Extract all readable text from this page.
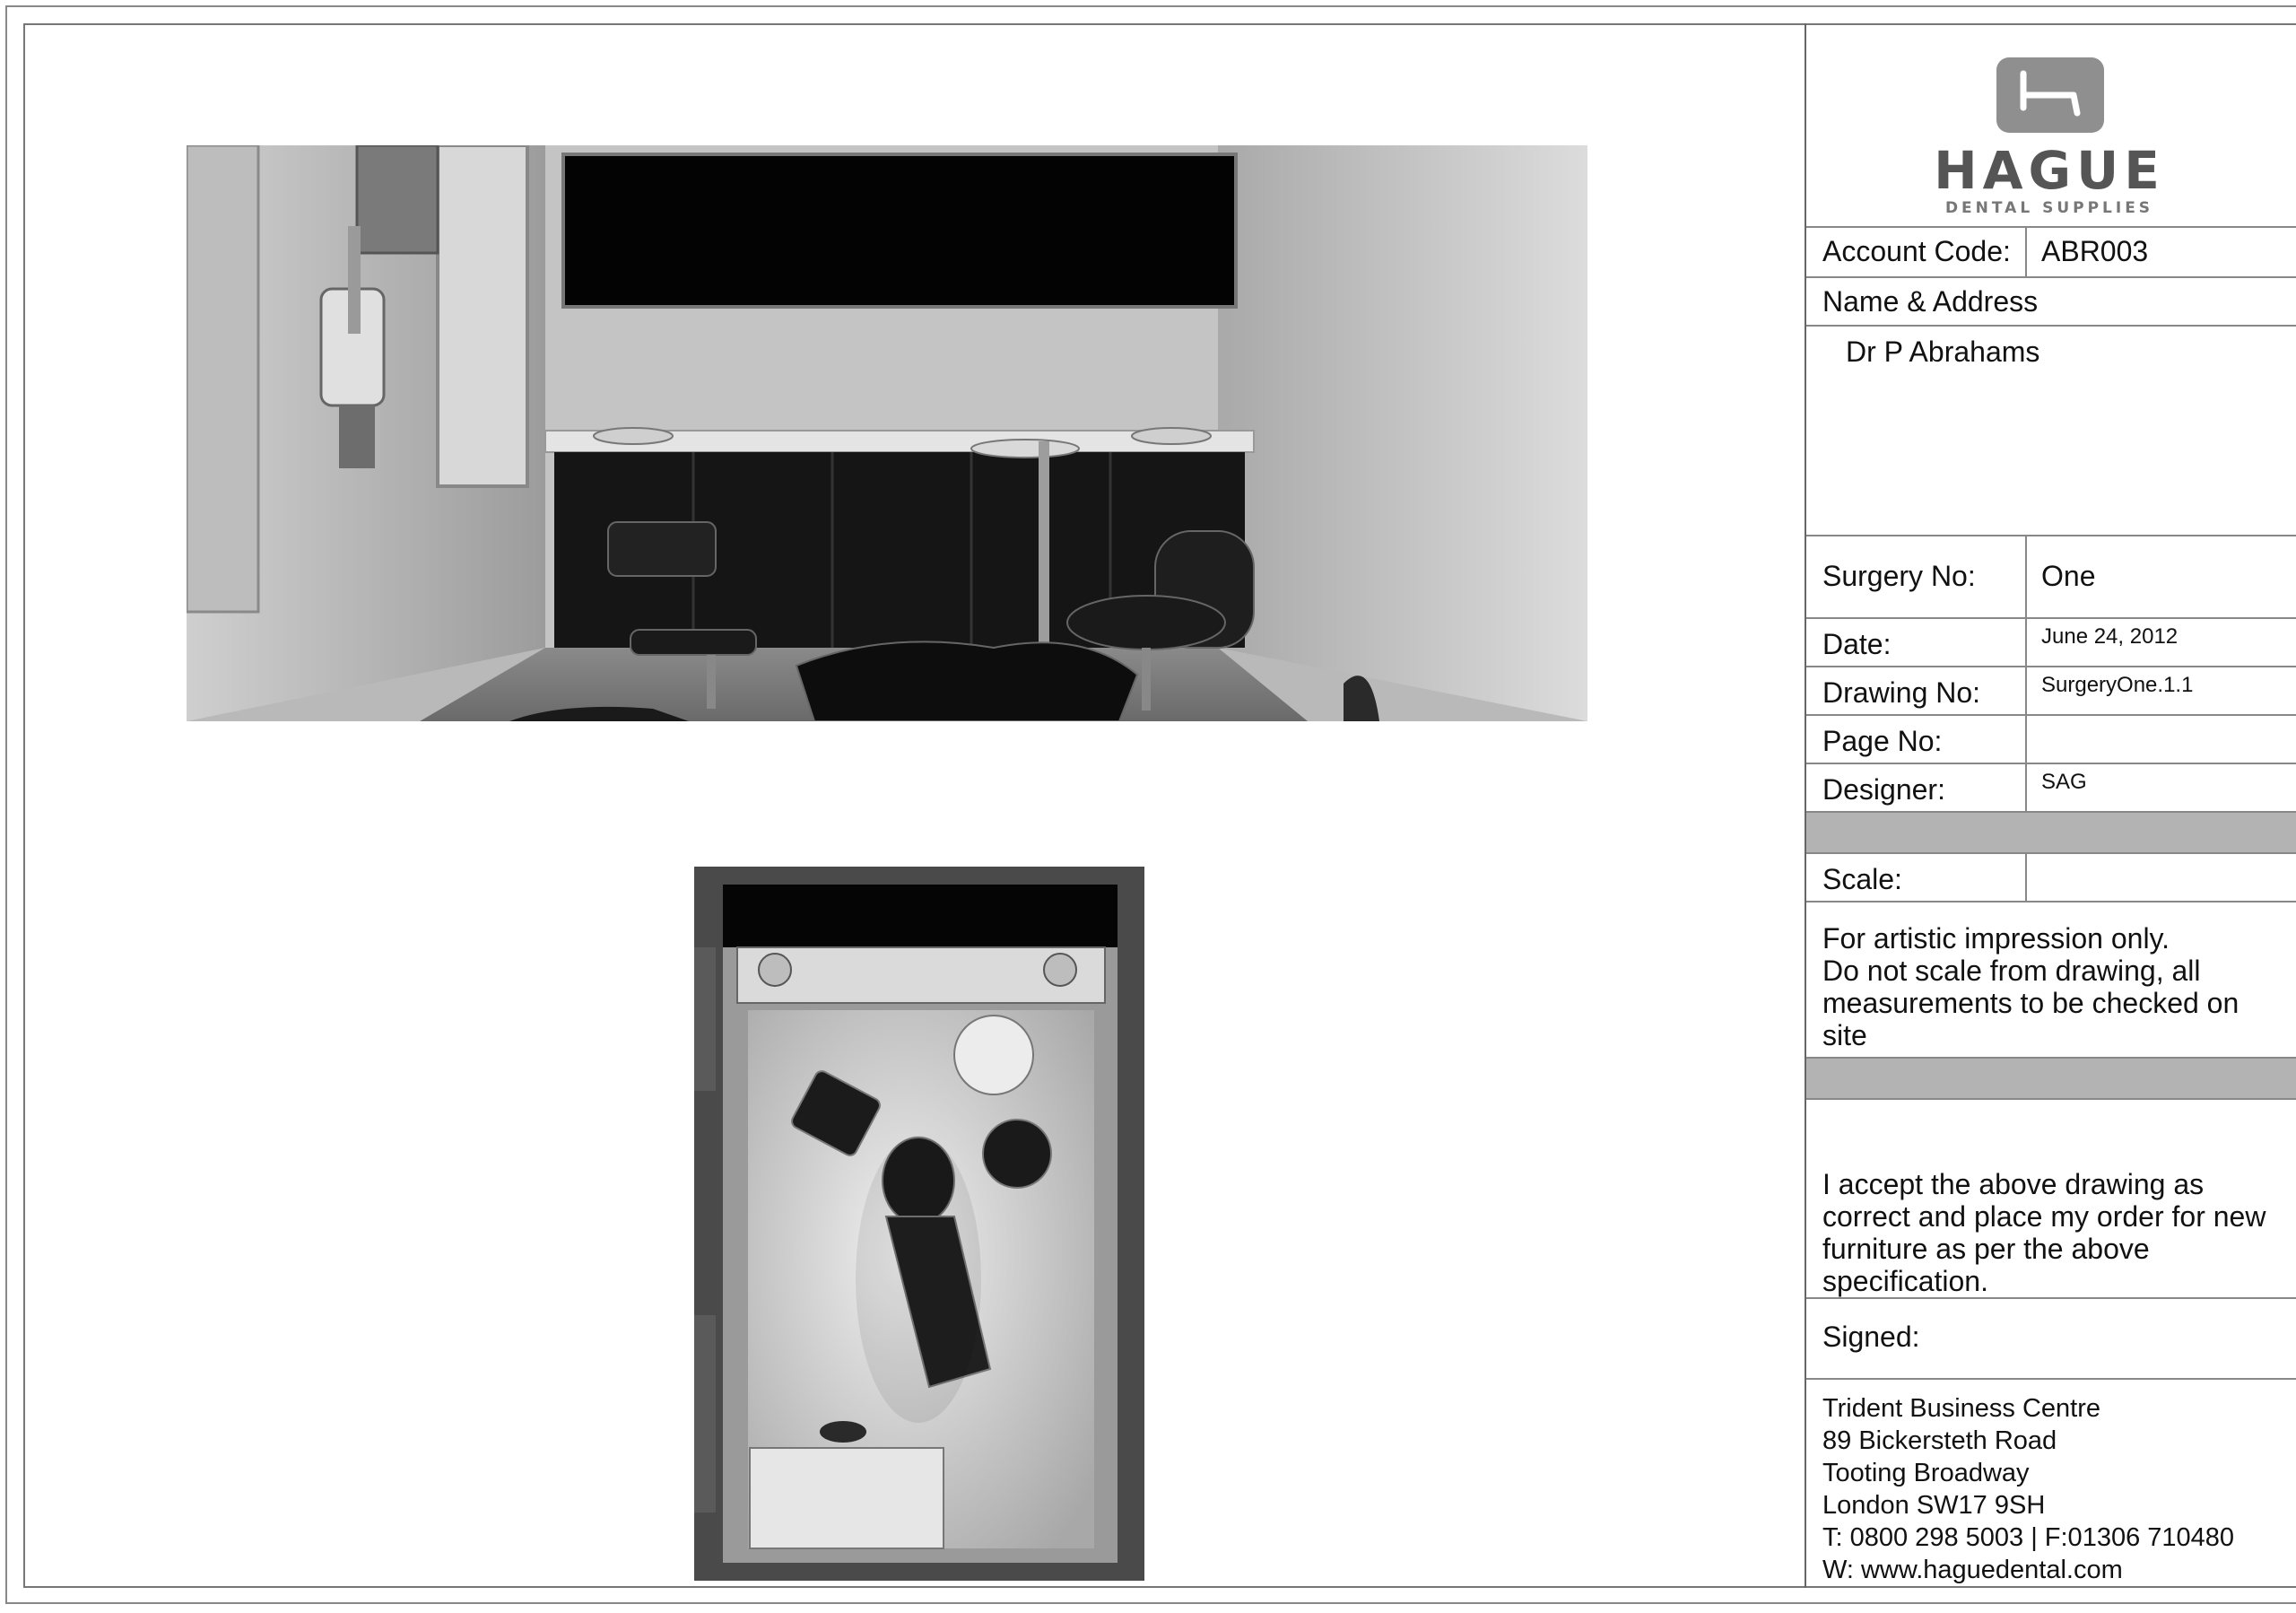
Account Code: ABR003
Name & Address
Dr P Abrahams
Surgery No: One
Date:	June 24, 2012
Drawing No:	SurgeryOne.1.1
Page No:
Designer:	SAG
Scale:
For artistic impression only.
Do not scale from drawing, all measurements to be checked on site
I accept the above drawing as correct and place my order for new furniture as per the above specification.
Signed:
Trident Business Centre
89 Bickersteth Road
Tooting Broadway
London SW17 9SH
T: 0800 298 5003 | F:01306 710480
W: www.haguedental.com
HAGUE
DENTAL SUPPLIES
